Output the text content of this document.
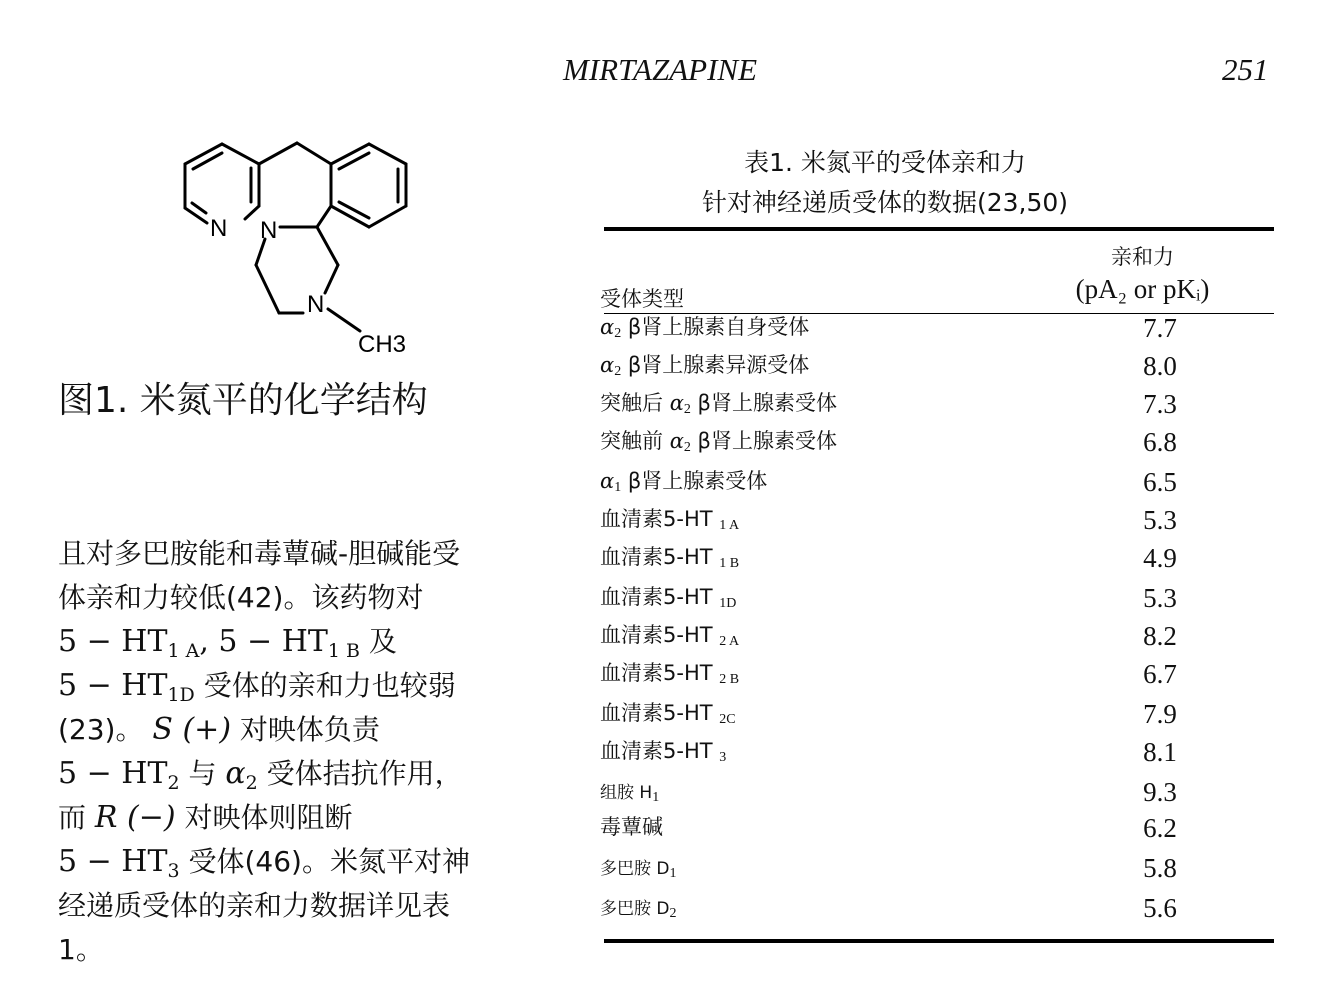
MIRTAZAPINE	251
N N
N
CH3
图1. 米氮平的化学结构
且对多巴胺能和毒蕈碱-胆碱能受
体亲和力较低(42)。该药物对
$5 - HT_{1 A}$, $5 - HT_{1 B}$ 及
$5 - HT_{1D}$ 受体的亲和力也较弱
(23)。 S (+) 对映体负责
$5 - HT_2$ 与 $\alpha_2$ 受体拮抗作用，
而 R (−) 对映体则阻断
$5 - HT_3$ 受体(46)。米氮平对神
经递质受体的亲和力数据详见表
1。
表1. 米氮平的受体亲和力
针对神经递质受体的数据(23,50)
受体类型
亲和力
(pA₂ or pKᵢ)
α2 β肾上腺素自身受体	7.7
α2 β肾上腺素异源受体	8.0
突触后 α2 β肾上腺素受体	7.3
突触前 α2 β肾上腺素受体	6.8
α1 β肾上腺素受体	6.5
血清素5-HT 1 A	5.3
血清素5-HT 1 B	4.9
血清素5-HT 1D	5.3
血清素5-HT 2 A	8.2
血清素5-HT 2 B	6.7
血清素5-HT 2C	7.9
血清素5-HT 3	8.1
组胺 H1	9.3
毒蕈碱	6.2
多巴胺 D1	5.8
多巴胺 D2	5.6
